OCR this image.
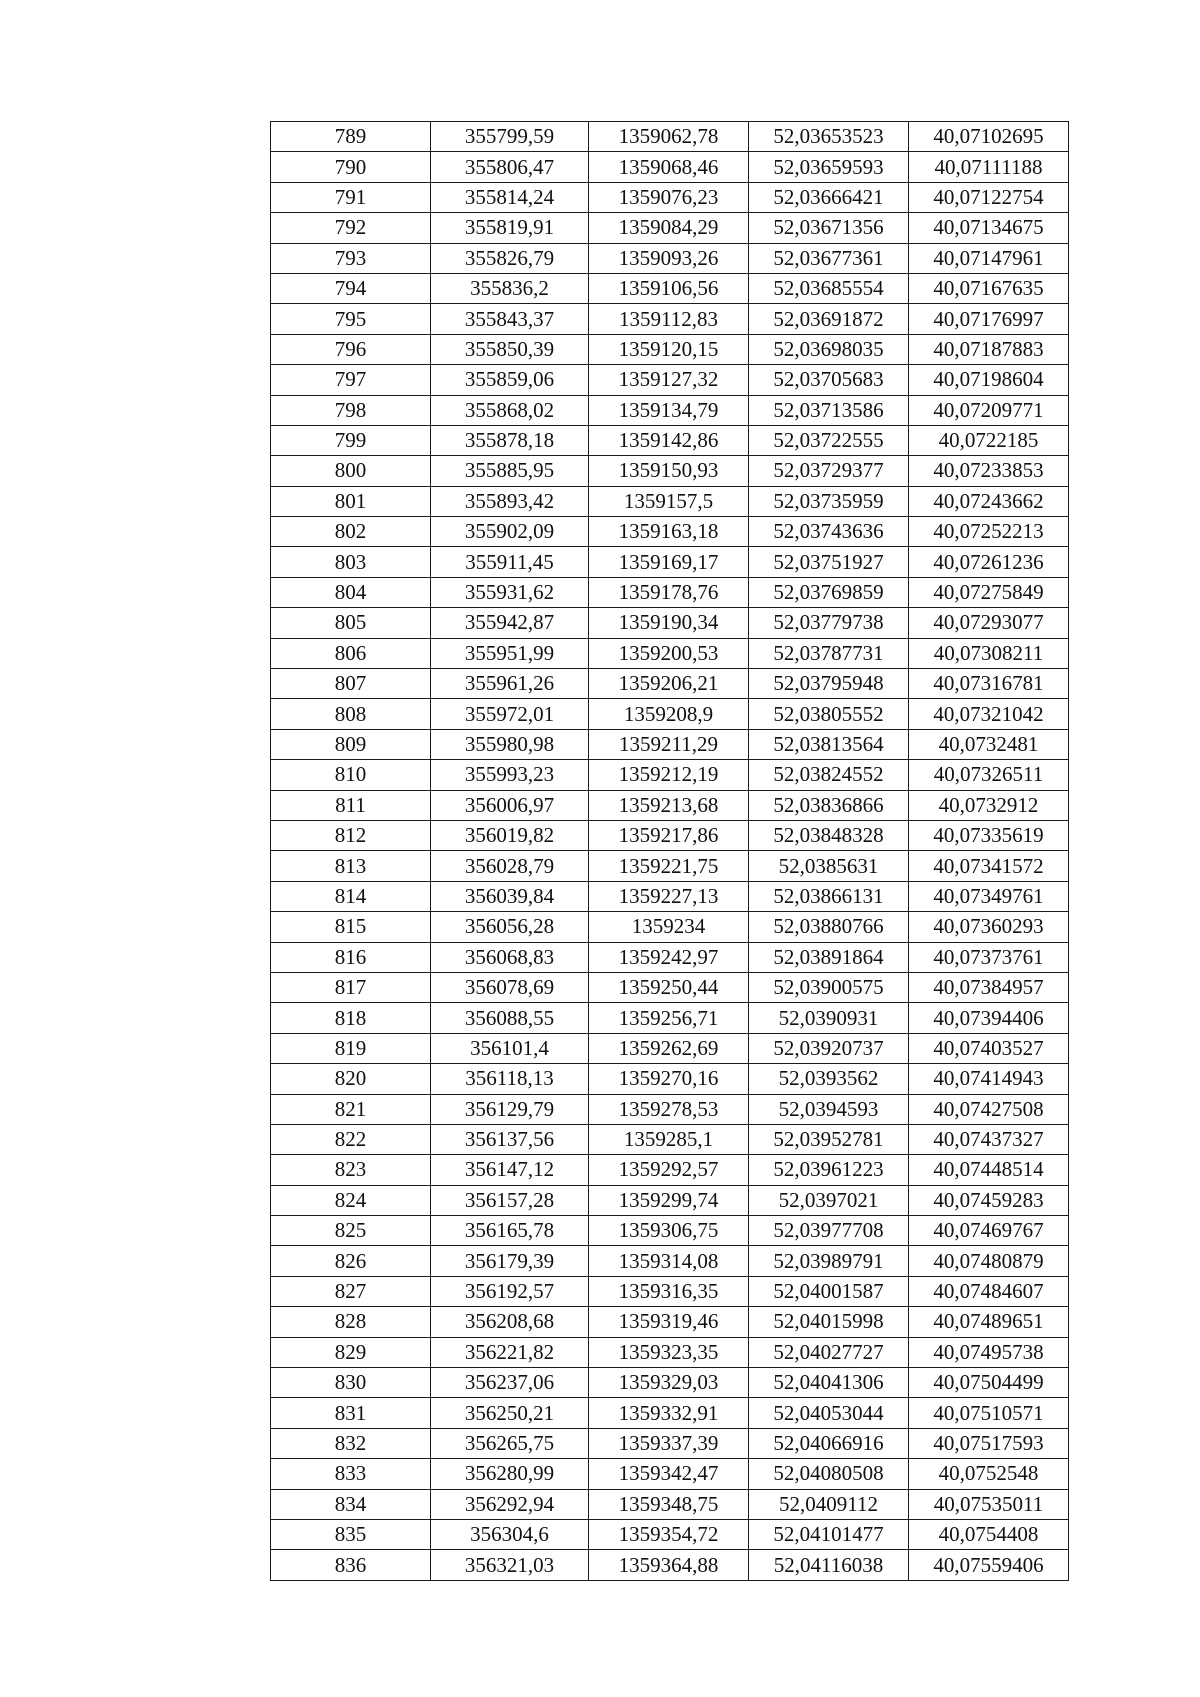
789	355799,59	1359062,78	52,03653523	40,07102695
790	355806,47	1359068,46	52,03659593	40,07111188
791	355814,24	1359076,23	52,03666421	40,07122754
792	355819,91	1359084,29	52,03671356	40,07134675
793	355826,79	1359093,26	52,03677361	40,07147961
794	355836,2	1359106,56	52,03685554	40,07167635
795	355843,37	1359112,83	52,03691872	40,07176997
796	355850,39	1359120,15	52,03698035	40,07187883
797	355859,06	1359127,32	52,03705683	40,07198604
798	355868,02	1359134,79	52,03713586	40,07209771
799	355878,18	1359142,86	52,03722555	40,0722185
800	355885,95	1359150,93	52,03729377	40,07233853
801	355893,42	1359157,5	52,03735959	40,07243662
802	355902,09	1359163,18	52,03743636	40,07252213
803	355911,45	1359169,17	52,03751927	40,07261236
804	355931,62	1359178,76	52,03769859	40,07275849
805	355942,87	1359190,34	52,03779738	40,07293077
806	355951,99	1359200,53	52,03787731	40,07308211
807	355961,26	1359206,21	52,03795948	40,07316781
808	355972,01	1359208,9	52,03805552	40,07321042
809	355980,98	1359211,29	52,03813564	40,0732481
810	355993,23	1359212,19	52,03824552	40,07326511
811	356006,97	1359213,68	52,03836866	40,0732912
812	356019,82	1359217,86	52,03848328	40,07335619
813	356028,79	1359221,75	52,0385631	40,07341572
814	356039,84	1359227,13	52,03866131	40,07349761
815	356056,28	1359234	52,03880766	40,07360293
816	356068,83	1359242,97	52,03891864	40,07373761
817	356078,69	1359250,44	52,03900575	40,07384957
818	356088,55	1359256,71	52,0390931	40,07394406
819	356101,4	1359262,69	52,03920737	40,07403527
820	356118,13	1359270,16	52,0393562	40,07414943
821	356129,79	1359278,53	52,0394593	40,07427508
822	356137,56	1359285,1	52,03952781	40,07437327
823	356147,12	1359292,57	52,03961223	40,07448514
824	356157,28	1359299,74	52,0397021	40,07459283
825	356165,78	1359306,75	52,03977708	40,07469767
826	356179,39	1359314,08	52,03989791	40,07480879
827	356192,57	1359316,35	52,04001587	40,07484607
828	356208,68	1359319,46	52,04015998	40,07489651
829	356221,82	1359323,35	52,04027727	40,07495738
830	356237,06	1359329,03	52,04041306	40,07504499
831	356250,21	1359332,91	52,04053044	40,07510571
832	356265,75	1359337,39	52,04066916	40,07517593
833	356280,99	1359342,47	52,04080508	40,0752548
834	356292,94	1359348,75	52,0409112	40,07535011
835	356304,6	1359354,72	52,04101477	40,0754408
836	356321,03	1359364,88	52,04116038	40,07559406
